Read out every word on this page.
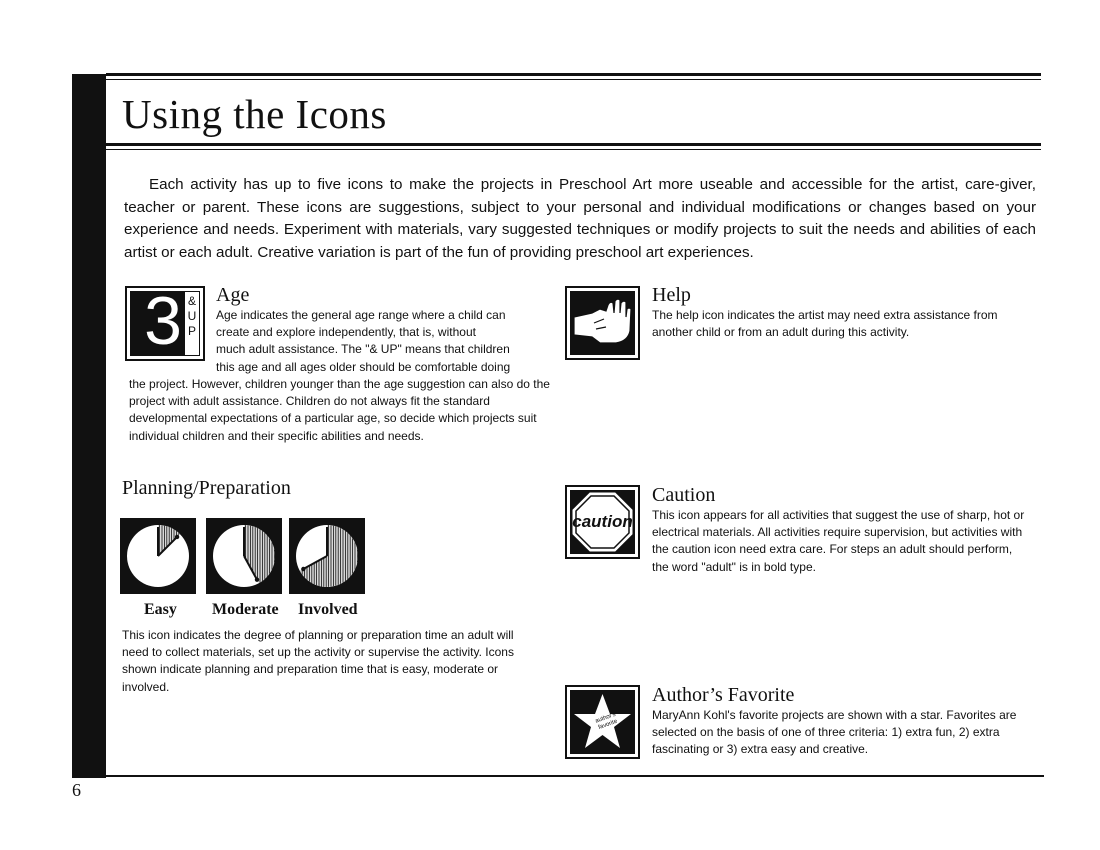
Using the Icons
Each activity has up to five icons to make the projects in Preschool Art more useable and accessible for the artist, care-giver, teacher or parent. These icons are suggestions, subject to your personal and individual modifications or changes based on your experience and needs. Experiment with materials, vary suggested techniques or modify projects to suit the needs and abilities of each artist or each adult. Creative variation is part of the fun of providing preschool art experiences.
3 &UP
Age
Age indicates the general age range where a child can
create and explore independently, that is, without
much adult assistance. The "& UP" means that children
this age and all ages older should be comfortable doing
the project. However, children younger than the age suggestion can also do the project with adult assistance. Children do not always fit the standard developmental expectations of a particular age, so decide which projects suit individual children and their specific abilities and needs.
Planning/Preparation
Easy Moderate Involved
This icon indicates the degree of planning or preparation time an adult will need to collect materials, set up the activity or supervise the activity. Icons shown indicate planning and preparation time that is easy, moderate or involved.
Help
The help icon indicates the artist may need extra assistance from another child or from an adult during this activity.
caution
Caution
This icon appears for all activities that suggest the use of sharp, hot or electrical materials. All activities require supervision, but activities with the caution icon need extra care. For steps an adult should perform, the word "adult" is in bold type.
author's favorite
Author’s Favorite
MaryAnn Kohl's favorite projects are shown with a star. Favorites are selected on the basis of one of three criteria: 1) extra fun, 2) extra fascinating or 3) extra easy and creative.
6
